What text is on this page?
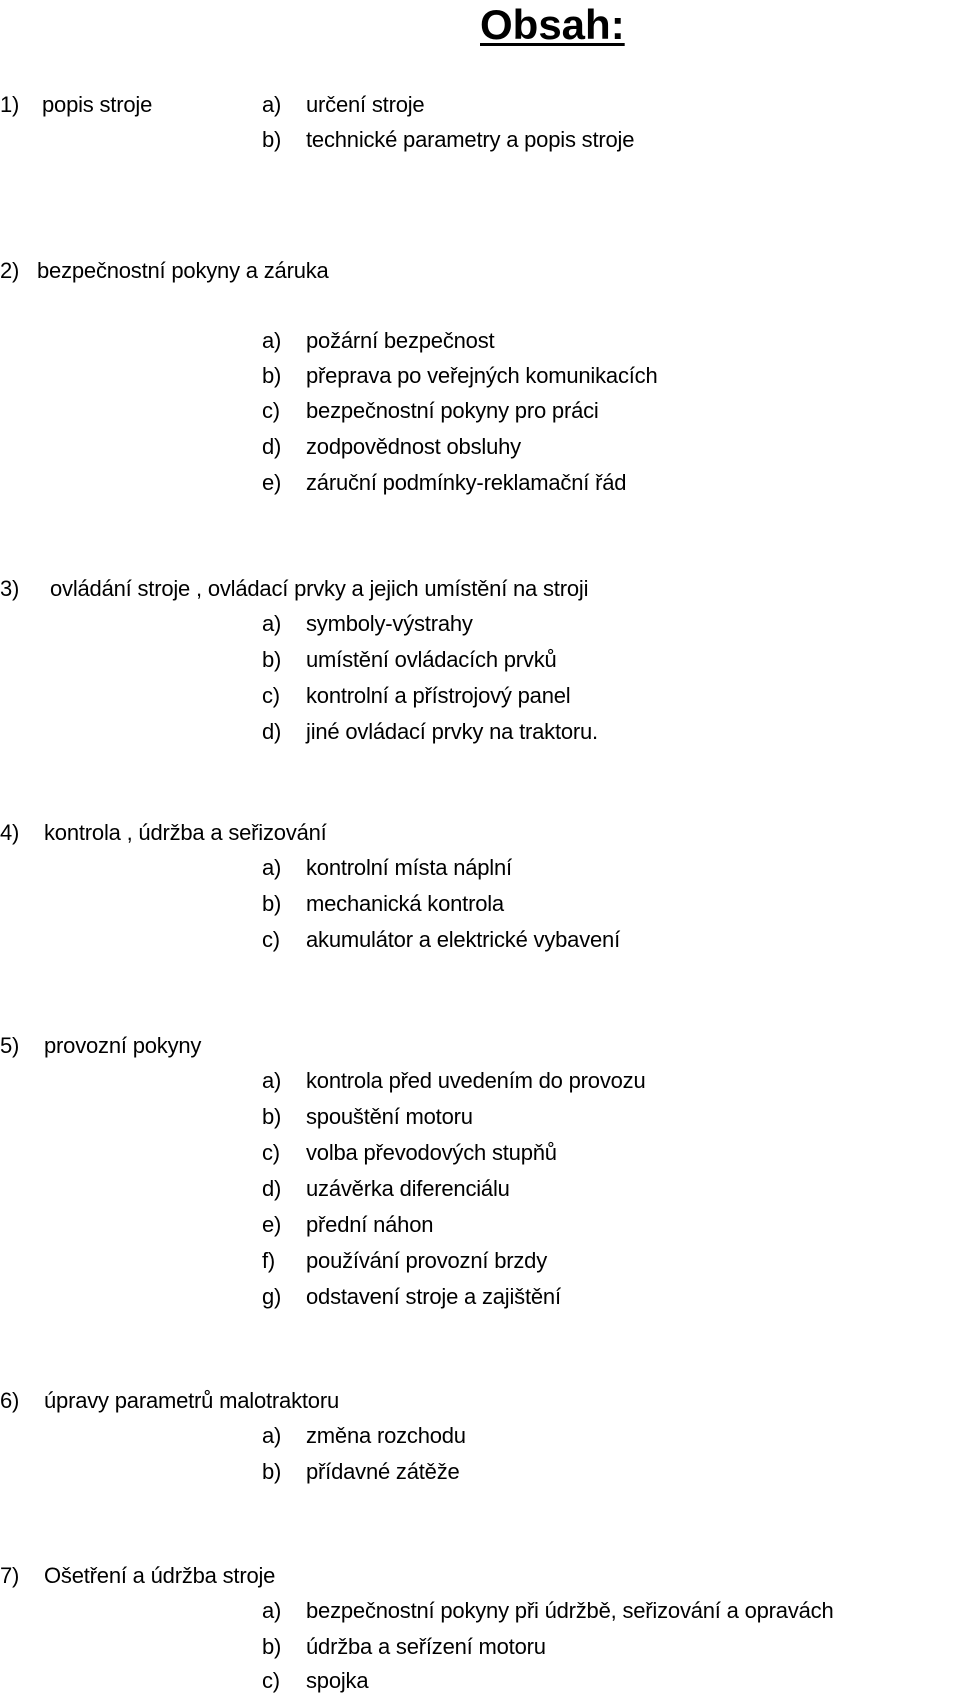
Obsah:
1) popis stroje	a) určení stroje
b) technické parametry a popis stroje
2) bezpečnostní pokyny a záruka
a) požární bezpečnost
b) přeprava po veřejných komunikacích
c) bezpečnostní pokyny pro práci
d) zodpovědnost obsluhy
e) záruční podmínky-reklamační řád
3) ovládání stroje , ovládací prvky a jejich umístění na stroji
a) symboly-výstrahy
b) umístění ovládacích prvků
c) kontrolní a přístrojový panel
d) jiné ovládací prvky na traktoru.
4) kontrola , údržba a seřizování
a) kontrolní místa náplní
b) mechanická kontrola
c) akumulátor a elektrické vybavení
5) provozní pokyny
a) kontrola před uvedením do provozu
b) spouštění motoru
c) volba převodových stupňů
d) uzávěrka diferenciálu
e) přední náhon
f) používání provozní brzdy
g) odstavení stroje a zajištění
6) úpravy parametrů malotraktoru
a) změna rozchodu
b) přídavné zátěže
7) Ošetření a údržba stroje
a) bezpečnostní pokyny při údržbě, seřizování a opravách
b) údržba a seřízení motoru
c) spojka
